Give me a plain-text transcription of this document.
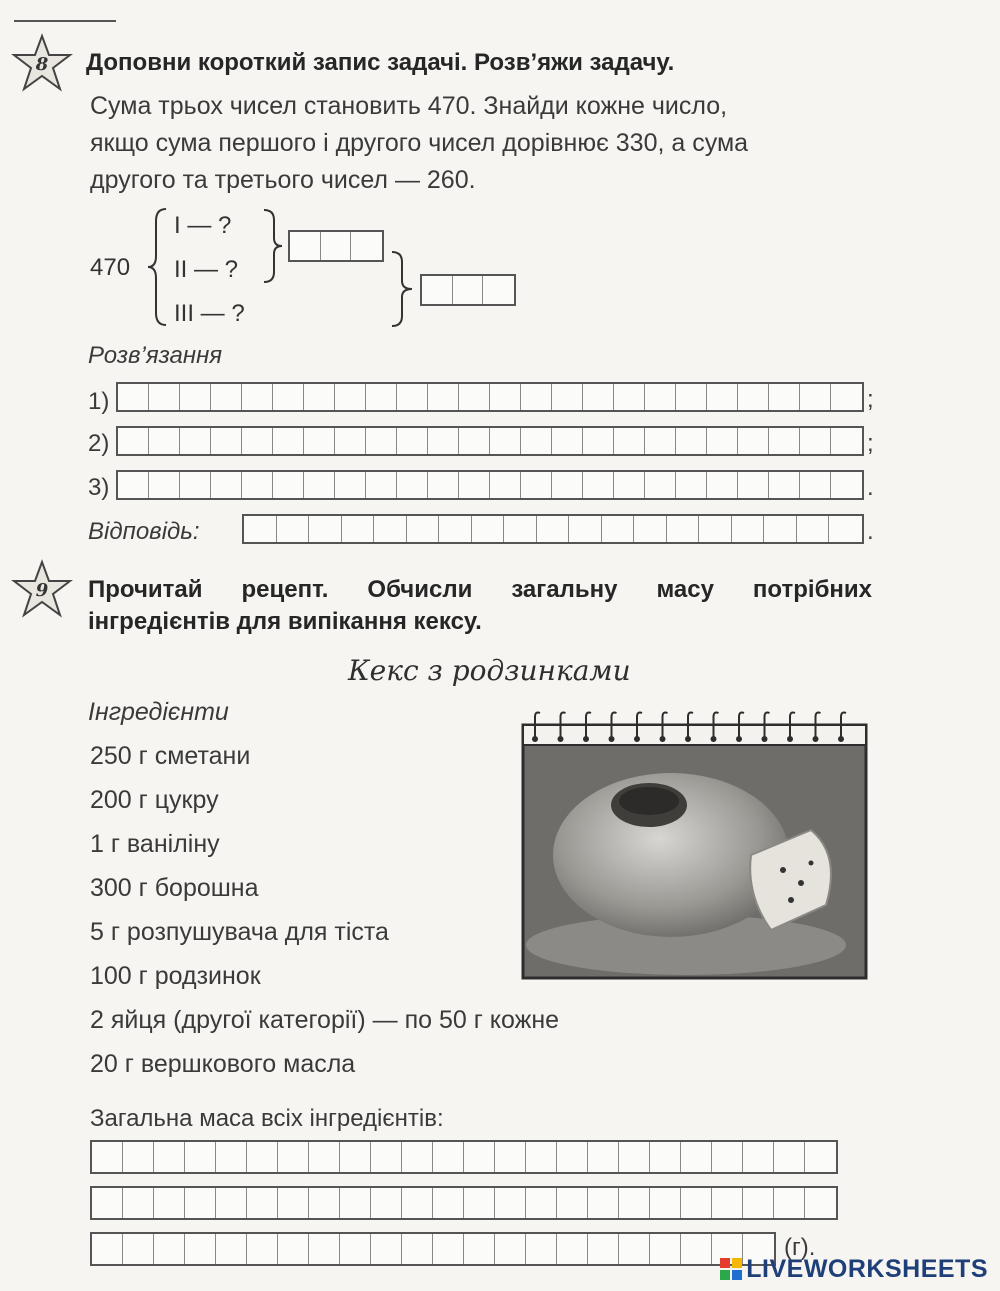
8	Доповни короткий запис задачі. Розв’яжи задачу.
Сума трьох чисел становить 470. Знайди кожне число,
якщо сума першого і другого чисел дорівнює 330, а сума
другого та третього чисел — 260.
470
І — ?
ІІ — ?
ІІІ — ?
Розв’язання
1)	;
2)	;
3)	.
Відповідь:	.
9	Прочитай рецепт. Обчисли загальну масу потрібних
інгредієнтів для випікання кексу.
Кекс з родзинками
Інгредієнти
250 г сметани
200 г цукру
1 г ваніліну
300 г борошна
5 г розпушувача для тіста
100 г родзинок
2 яйця (другої категорії) — по 50 г кожне
20 г вершкового масла
Загальна маса всіх інгредієнтів:
(г).
LIVEWORKSHEETS
